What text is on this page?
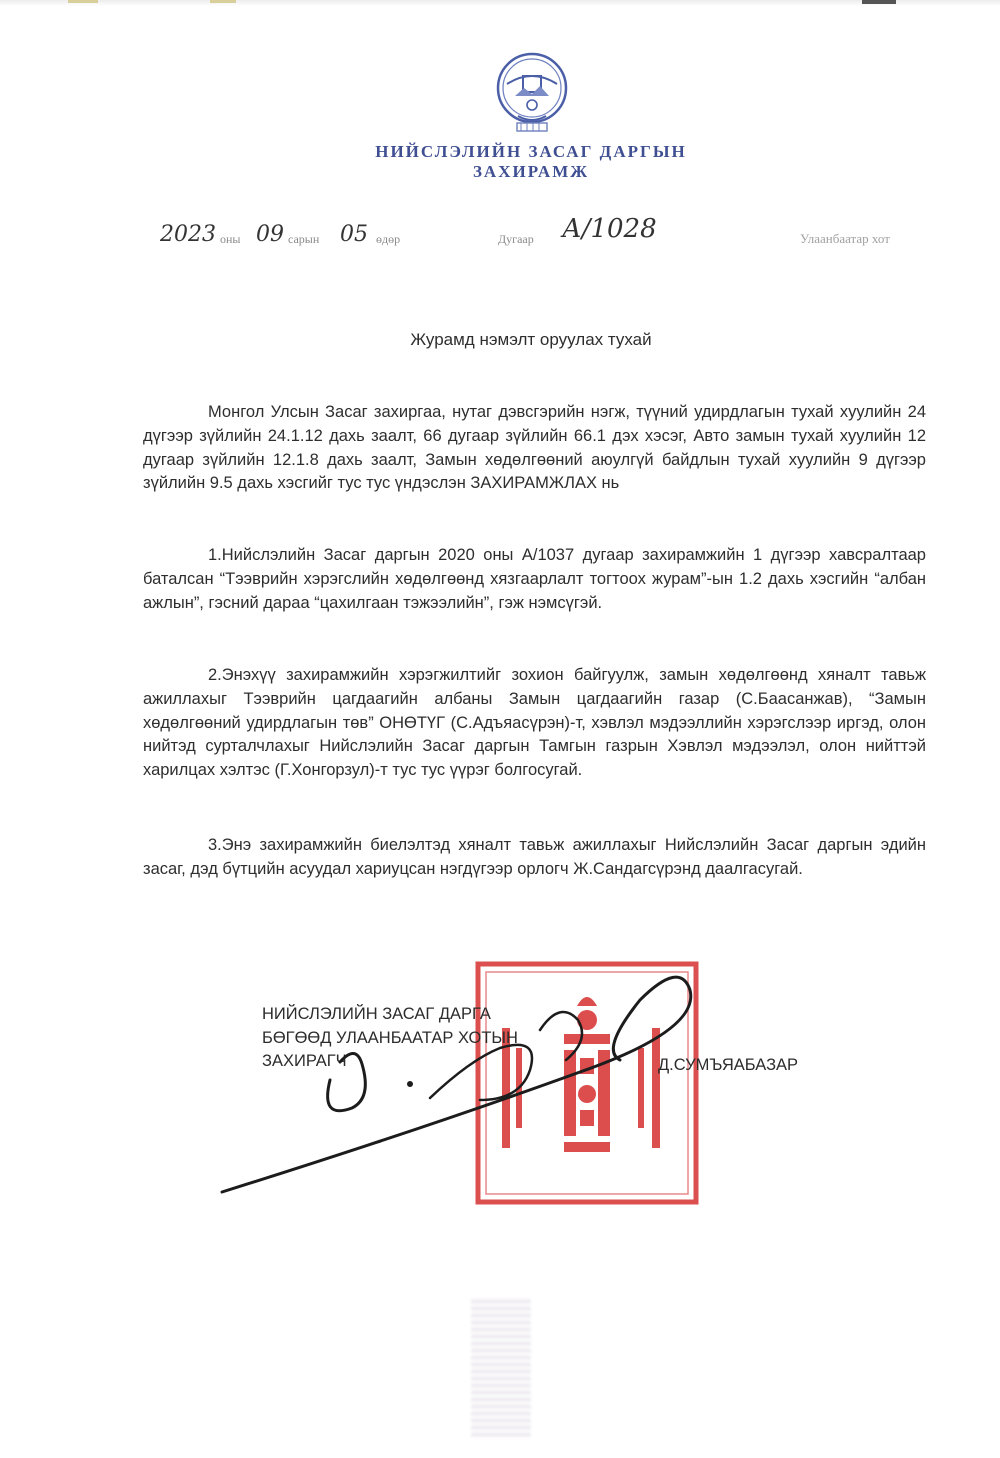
НИЙСЛЭЛИЙН ЗАСАГ ДАРГЫН
ЗАХИРАМЖ
2023 оны 09 сарын 05 өдөр	Дугаар А/1028	Улаанбаатар хот
Журамд нэмэлт оруулах тухай

Монгол Улсын Засаг захиргаа, нутаг дэвсгэрийн нэгж, түүний удирдлагын тухай хуулийн 24 дүгээр зүйлийн 24.1.12 дахь заалт, 66 дугаар зүйлийн 66.1 дэх хэсэг, Авто замын тухай хуулийн 12 дугаар зүйлийн 12.1.8 дахь заалт, Замын хөдөлгөөний аюулгүй байдлын тухай хуулийн 9 дүгээр зүйлийн 9.5 дахь хэсгийг тус тус үндэслэн ЗАХИРАМЖЛАХ нь

1.Нийслэлийн Засаг даргын 2020 оны А/1037 дугаар захирамжийн 1 дүгээр хавсралтаар баталсан “Тээврийн хэрэгслийн хөдөлгөөнд хязгаарлалт тогтоох журам”-ын 1.2 дахь хэсгийн “албан ажлын”, гэсний дараа “цахилгаан тэжээлийн”, гэж нэмсүгэй.

2.Энэхүү захирамжийн хэрэгжилтийг зохион байгуулж, замын хөдөлгөөнд хяналт тавьж ажиллахыг Тээврийн цагдаагийн албаны Замын цагдаагийн газар (С.Баасанжав), “Замын хөдөлгөөний удирдлагын төв” ОНӨТҮГ (С.Адъяасүрэн)-т, хэвлэл мэдээллийн хэрэгслээр иргэд, олон нийтэд сурталчлахыг Нийслэлийн Засаг даргын Тамгын газрын Хэвлэл мэдээлэл, олон нийттэй харилцах хэлтэс (Г.Хонгорзул)-т тус тус үүрэг болгосугай.

3.Энэ захирамжийн биелэлтэд хяналт тавьж ажиллахыг Нийслэлийн Засаг даргын эдийн засаг, дэд бүтцийн асуудал хариуцсан нэгдүгээр орлогч Ж.Сандагсүрэнд даалгасугай.

НИЙСЛЭЛИЙН ЗАСАГ ДАРГА
БӨГӨӨД УЛААНБААТАР ХОТЫН
ЗАХИРАГЧ	Д.СУМЪЯАБАЗАР
